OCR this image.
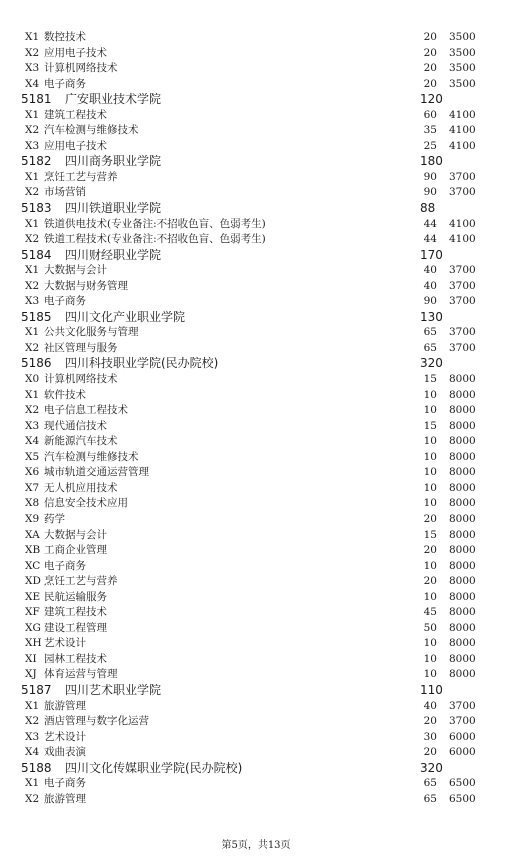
X1 数控技术	20 3500
X2 应用电子技术	20 3500
X3 计算机网络技术	20 3500
X4 电子商务	20 3500
5181 广安职业技术学院	120
X1 建筑工程技术	60 4100
X2 汽车检测与维修技术	35 4100
X3 应用电子技术	25 4100
5182 四川商务职业学院	180
X1 烹饪工艺与营养	90 3700
X2 市场营销	90 3700
5183 四川铁道职业学院	88
X1 铁道供电技术(专业备注:不招收色盲、色弱考生)	44 4100
X2 铁道工程技术(专业备注:不招收色盲、色弱考生)	44 4100
5184 四川财经职业学院	170
X1 大数据与会计	40 3700
X2 大数据与财务管理	40 3700
X3 电子商务	90 3700
5185 四川文化产业职业学院	130
X1 公共文化服务与管理	65 3700
X2 社区管理与服务	65 3700
5186 四川科技职业学院(民办院校)	320
X0 计算机网络技术	15 8000
X1 软件技术	10 8000
X2 电子信息工程技术	10 8000
X3 现代通信技术	15 8000
X4 新能源汽车技术	10 8000
X5 汽车检测与维修技术	10 8000
X6 城市轨道交通运营管理	10 8000
X7 无人机应用技术	10 8000
X8 信息安全技术应用	10 8000
X9 药学	20 8000
XA 大数据与会计	15 8000
XB 工商企业管理	20 8000
XC 电子商务	10 8000
XD 烹饪工艺与营养	20 8000
XE 民航运输服务	10 8000
XF 建筑工程技术	45 8000
XG 建设工程管理	50 8000
XH 艺术设计	10 8000
XI 园林工程技术	10 8000
XJ 体育运营与管理	10 8000
5187 四川艺术职业学院	110
X1 旅游管理	40 3700
X2 酒店管理与数字化运营	20 3700
X3 艺术设计	30 6000
X4 戏曲表演	20 6000
5188 四川文化传媒职业学院(民办院校)	320
X1 电子商务	65 6500
X2 旅游管理	65 6500
第5页，共13页
